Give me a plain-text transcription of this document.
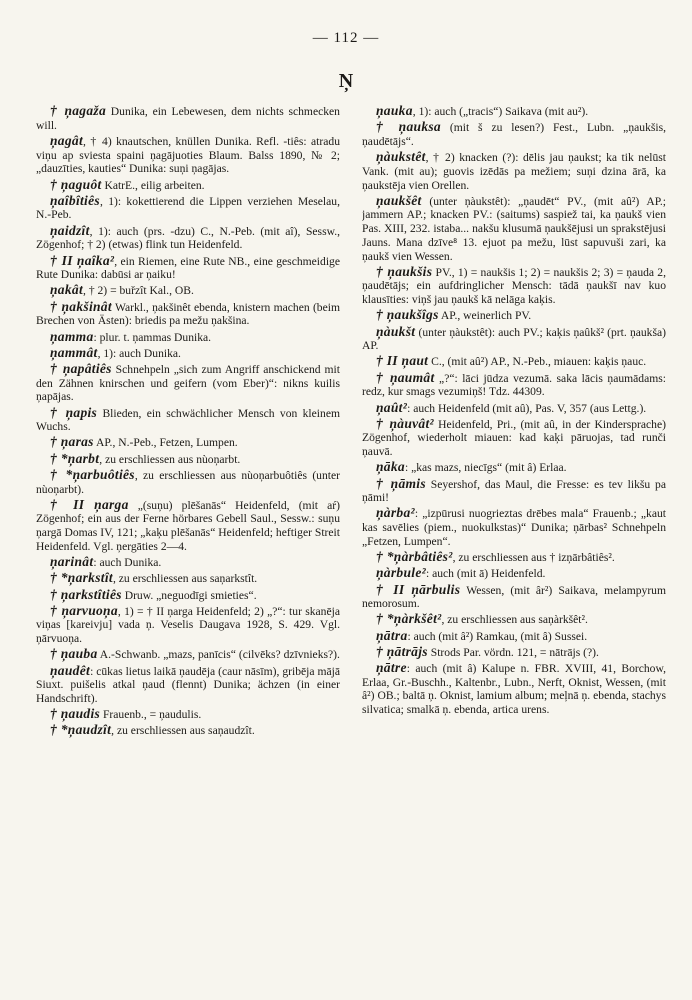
— 112 —
Ņ

† ņagaža Dunika, ein Lebewesen, dem nichts schmecken will.

ņagât, † 4) knautschen, knüllen Dunika. Refl. -tiês: atradu viņu ap sviesta spaini ņagājuoties Blaum. Balss 1890, № 2; „dauzīties, kauties“ Dunika: suņi ņagājas.

† ņaguôt KatrE., eilig arbeiten.

ņaîbîtiês, 1): kokettierend die Lippen verziehen Meselau, N.-Peb.

ņaidzît, 1): auch (prs. -dzu) C., N.-Peb. (mit aî), Sessw., Zögenhof; † 2) (etwas) flink tun Heidenfeld.

† II ņaîka², ein Riemen, eine Rute NB., eine geschmeidige Rute Dunika: dabūsi ar ņaiku!

ņakât, † 2) = buřzît Kal., OB.

† ņakšinât Warkl., ņakšinêt ebenda, knistern machen (beim Brechen von Ästen): briedis pa mežu ņakšina.

ņamma: plur. t. ņammas Dunika.

ņammât, 1): auch Dunika.

† ņapâtiês Schnehpeln „sich zum Angriff anschickend mit den Zähnen knirschen und geifern (vom Eber)“: nikns kuilis ņapājas.

† ņapis Blieden, ein schwächlicher Mensch von kleinem Wuchs.

† ņaras AP., N.-Peb., Fetzen, Lumpen.

† *ņarbt, zu erschliessen aus nùoņarbt.

† *ņarbuôtiês, zu erschliessen aus nùoņarbuôtiês (unter nùoņarbt).

† II ņarga „(suņu) plēšanās“ Heidenfeld, (mit aŕ) Zögenhof; ein aus der Ferne hörbares Gebell Saul., Sessw.: suņu ņargā Domas IV, 121; „kaķu plēšanās“ Heidenfeld; heftiger Streit Heidenfeld. Vgl. ņergāties 2—4.

ņarinât: auch Dunika.

† *ņarkstît, zu erschliessen aus saņarkstît.

† ņarkstîtiês Druw. „neguodīgi smieties“.

† ņarvuoņa, 1) = † II ņarga Heidenfeld; 2) „?“: tur skanēja viņas [kareivju] vada ņ. Veselis Daugava 1928, S. 429. Vgl. ņārvuoņa.

† ņauba A.-Schwanb. „mazs, panīcis“ (cilvēks? dzīvnieks?).

ņaudêt: cūkas lietus laikā ņaudēja (caur nāsīm), gribēja mājā Siuxt. puišelis atkal ņaud (flennt) Dunika; ächzen (in einer Handschrift).

† ņaudis Frauenb., = ņaudulis.

† *ņaudzît, zu erschliessen aus saņaudzît.

ņauka, 1): auch („tracis“) Saikava (mit au²).

† ņauksa (mit š zu lesen?) Fest., Lubn. „ņaukšis, ņaudētājs“.

ņàukstêt, † 2) knacken (?): dēlis jau ņaukst; ka tik nelūst Vank. (mit au); guovis izēdās pa mežiem; suņi dzina ārā, ka ņaukstēja vien Orellen.

ņaukšêt (unter ņàukstêt): „ņaudēt“ PV., (mit aû²) AP.; jammern AP.; knacken PV.: (saitums) saspiež tai, ka ņaukš vien Pas. XIII, 232. istaba... nakšu klusumā ņaukšējusi un sprakstējusi Jauns. Mana dzīve⁸ 13. ejuot pa mežu, lūst sapuvuši zari, ka ņaukš vien Wessen.

† ņaukšis PV., 1) = naukšis 1; 2) = naukšis 2; 3) = ņauda 2, ņaudētājs; ein aufdringlicher Mensch: tādā ņaukšī nav kuo klausīties: viņš jau ņaukš kā nelāga kaķis.

† ņaukšîgs AP., weinerlich PV.

ņàukšt (unter ņàukstêt): auch PV.; kaķis ņaûkš² (prt. ņaukša) AP.

† II ņaut C., (mit aû²) AP., N.-Peb., miauen: kaķis ņauc.

† ņaumât „?“: lāci jūdza vezumā. saka lācis ņaumādams: redz, kur smags vezumiņš! Tdz. 44309.

ņaût²: auch Heidenfeld (mit aû), Pas. V, 357 (aus Lettg.).

† ņàuvât² Heidenfeld, Pri., (mit aû, in der Kindersprache) Zögenhof, wiederholt miauen: kad kaķi pāruojas, tad runči ņauvā.

ņāka: „kas mazs, niecīgs“ (mit â) Erlaa.

† ņāmis Seyershof, das Maul, die Fresse: es tev likšu pa ņāmi!

ņàrba²: „izpūrusi nuogrieztas drēbes mala“ Frauenb.; „kaut kas savēlies (piem., nuokulkstas)“ Dunika; ņārbas² Schnehpeln „Fetzen, Lumpen“.

† *ņàrbâtiês², zu erschliessen aus † izņārbâtiês².

ņàrbule²: auch (mit ā) Heidenfeld.

† II ņārbulis Wessen, (mit âr²) Saikava, melampyrum nemorosum.

† *ņàrkšêt², zu erschliessen aus saņàrkšêt².

ņātra: auch (mit â²) Ramkau, (mit â) Sussei.

† ņātrājs Strods Par. vördn. 121, = nātrājs (?).

ņātre: auch (mit â) Kalupe n. FBR. XVIII, 41, Borchow, Erlaa, Gr.-Buschh., Kaltenbr., Lubn., Nerft, Oknist, Wessen, (mit â²) OB.; baltā ņ. Oknist, lamium album; meļnā ņ. ebenda, stachys silvatica; smalkā ņ. ebenda, artica urens.
